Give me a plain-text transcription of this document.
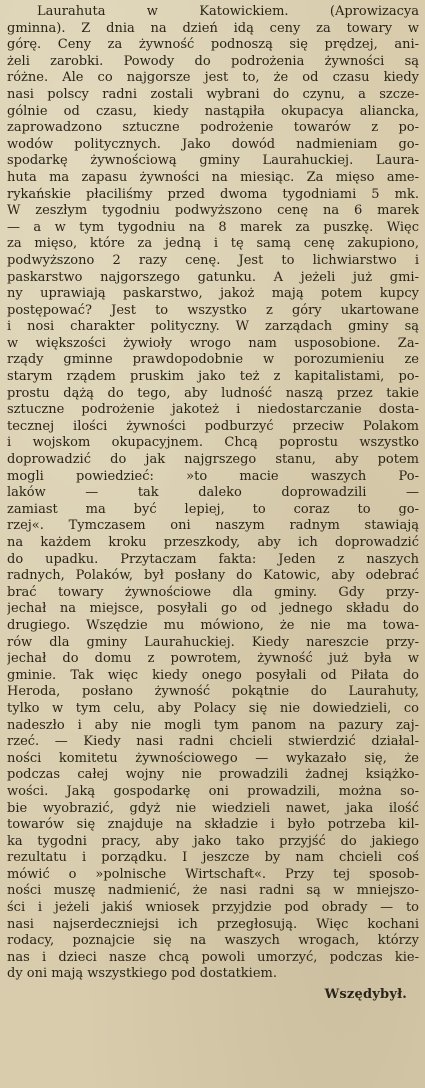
Laurahuta w Katowickiem. (Aprowizacya
gminna). Z dnia na dzień idą ceny za towary w
górę. Ceny za żywność podnoszą się prędzej, ani-
żeli zarobki. Powody do podrożenia żywności są
różne. Ale co najgorsze jest to, że od czasu kiedy
nasi polscy radni zostali wybrani do czynu, a szcze-
gólnie od czasu, kiedy nastąpiła okupacya aliancka,
zaprowadzono sztuczne podrożenie towarów z po-
wodów politycznych. Jako dowód nadmieniam go-
spodarkę żywnościową gminy Laurahuckiej. Laura-
huta ma zapasu żywności na miesiąc. Za mięso ame-
rykańskie płaciliśmy przed dwoma tygodniami 5 mk.
W zeszłym tygodniu podwyższono cenę na 6 marek
— a w tym tygodniu na 8 marek za puszkę. Więc
za mięso, które za jedną i tę samą cenę zakupiono,
podwyższono 2 razy cenę. Jest to lichwiarstwo i
paskarstwo najgorszego gatunku. A jeżeli już gmi-
ny uprawiają paskarstwo, jakoż mają potem kupcy
postępować? Jest to wszystko z góry ukartowane
i nosi charakter polityczny. W zarządach gminy są
w większości żywioły wrogo nam usposobione. Za-
rządy gminne prawdopodobnie w porozumieniu ze
starym rządem pruskim jako też z kapitalistami, po-
prostu dążą do tego, aby ludność naszą przez takie
sztuczne podrożenie jakoteż i niedostarczanie dosta-
tecznej ilości żywności podburzyć przeciw Polakom
i wojskom okupacyjnem. Chcą poprostu wszystko
doprowadzić do jak najgrszego stanu, aby potem
mogli powiedzieć: »to macie waszych Po-
laków — tak daleko doprowadzili —
zamiast ma być lepiej, to coraz to go-
rzej«. Tymczasem oni naszym radnym stawiają
na każdem kroku przeszkody, aby ich doprowadzić
do upadku. Przytaczam fakta: Jeden z naszych
radnych, Polaków, był posłany do Katowic, aby odebrać
brać towary żywnościowe dla gminy. Gdy przy-
jechał na miejsce, posyłali go od jednego składu do
drugiego. Wszędzie mu mówiono, że nie ma towa-
rów dla gminy Laurahuckiej. Kiedy nareszcie przy-
jechał do domu z powrotem, żywność już była w
gminie. Tak więc kiedy onego posyłali od Piłata do
Heroda, posłano żywność pokątnie do Laurahuty,
tylko w tym celu, aby Polacy się nie dowiedzieli, co
nadeszło i aby nie mogli tym panom na pazury zaj-
rzeć. — Kiedy nasi radni chcieli stwierdzić działal-
ności komitetu żywnościowego — wykazało się, że
podczas całej wojny nie prowadzili żadnej książko-
wości. Jaką gospodarkę oni prowadzili, można so-
bie wyobrazić, gdyż nie wiedzieli nawet, jaka ilość
towarów się znajduje na składzie i było potrzeba kil-
ka tygodni pracy, aby jako tako przyjść do jakiego
rezultatu i porządku. I jeszcze by nam chcieli coś
mówić o »polnische Wirtschaft«. Przy tej sposob-
ności muszę nadmienić, że nasi radni są w mniejszo-
ści i jeżeli jakiś wniosek przyjdzie pod obrady — to
nasi najserdeczniejsi ich przegłosują. Więc kochani
rodacy, poznajcie się na waszych wrogach, którzy
nas i dzieci nasze chcą powoli umorzyć, podczas kie-
dy oni mają wszystkiego pod dostatkiem.
Wszędybył.
